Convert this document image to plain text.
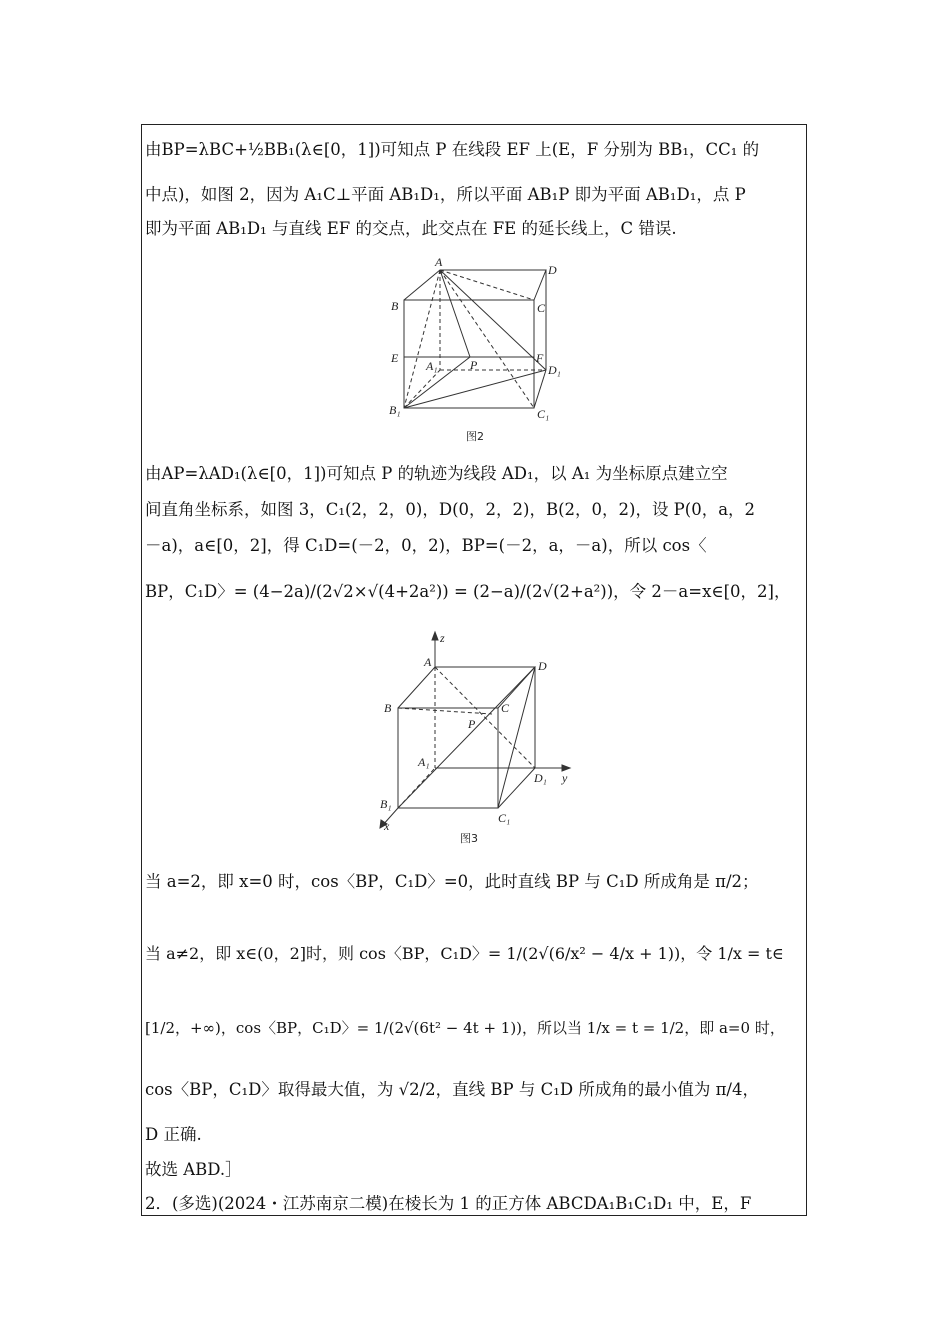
由BP=λBC+½BB₁(λ∈[0，1])可知点 P 在线段 EF 上(E，F 分别为 BB₁，CC₁ 的
中点)，如图 2，因为 A₁C⊥平面 AB₁D₁，所以平面 AB₁P 即为平面 AB₁D₁，点 P
即为平面 AB₁D₁ 与直线 EF 的交点，此交点在 FE 的延长线上，C 错误.
A
D
B	C
E	F
A₁	P	D₁
B₁	C₁
图2
由AP=λAD₁(λ∈[0，1])可知点 P 的轨迹为线段 AD₁，以 A₁ 为坐标原点建立空
间直角坐标系，如图 3，C₁(2，2，0)，D(0，2，2)，B(2，0，2)，设 P(0，a，2
－a)，a∈[0，2]，得 C₁D=(－2，0，2)，BP=(－2，a，－a)，所以 cos〈
BP，C₁D〉= (4−2a)/(2√2×√(4+2a²)) = (2−a)/(2√(2+a²))，令 2－a=x∈[0，2]，
z
A	D
B	C
P
A₁
D₁ y
B₁
C₁
x
图3
当 a=2，即 x=0 时，cos〈BP，C₁D〉=0，此时直线 BP 与 C₁D 所成角是 π/2；
当 a≠2，即 x∈(0，2]时，则 cos〈BP，C₁D〉= 1/(2√(6/x² − 4/x + 1))，令 1/x = t∈
[1/2，+∞)，cos〈BP，C₁D〉= 1/(2√(6t² − 4t + 1))，所以当 1/x = t = 1/2，即 a=0 时，
cos〈BP，C₁D〉取得最大值，为 √2/2，直线 BP 与 C₁D 所成角的最小值为 π/4，
D 正确.
故选 ABD.］
2．(多选)(2024・江苏南京二模)在棱长为 1 的正方体 ABCDA₁B₁C₁D₁ 中，E，F
